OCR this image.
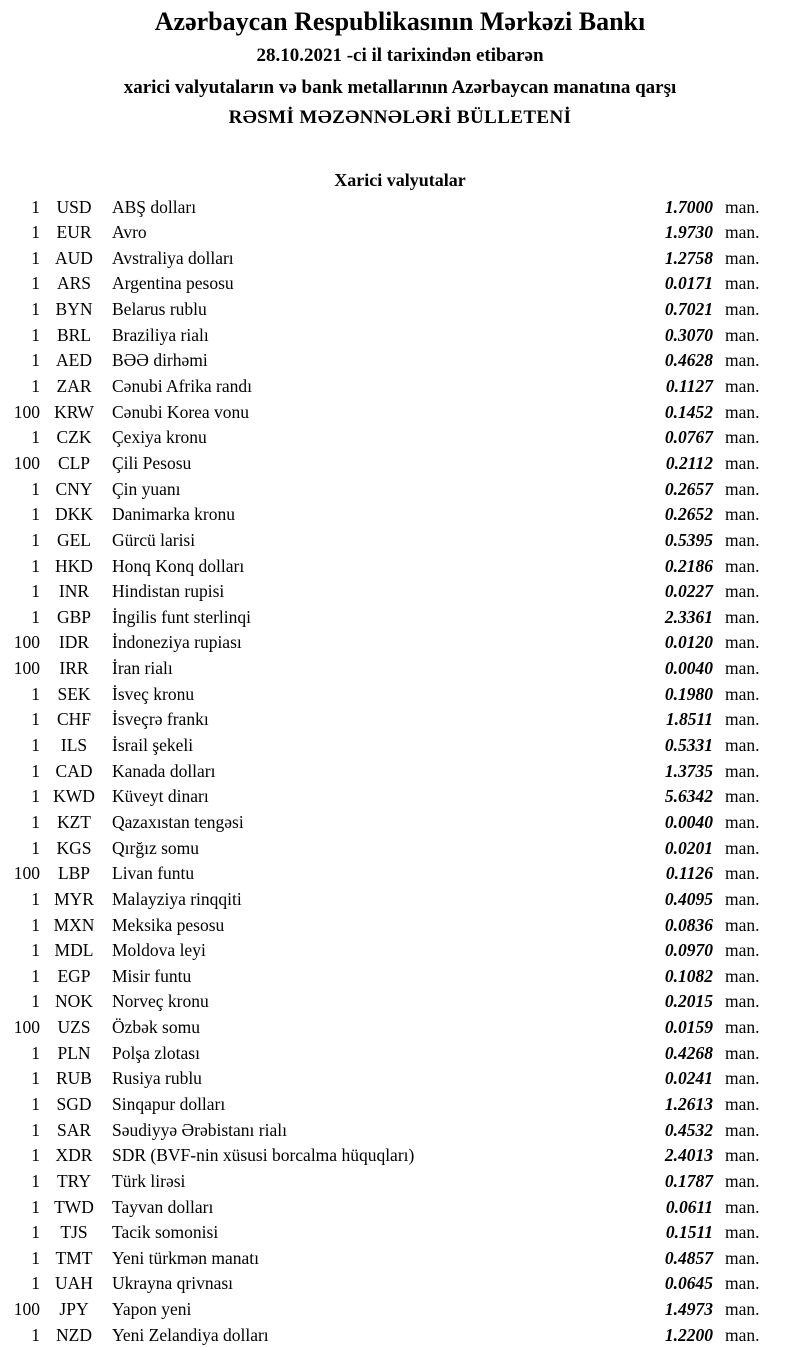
Azərbaycan Respublikasının Mərkəzi Bankı
28.10.2021 -ci il tarixindən etibarən
xarici valyutaların və bank metallarının Azərbaycan manatına qarşı
RƏSMİ MƏZƏNNƏLƏRİ BÜLLETENİ
Xarici valyutalar
1 USD	ABŞ dolları	1.7000 man.
1 EUR	Avro	1.9730 man.
1 AUD	Avstraliya dolları	1.2758 man.
1 ARS	Argentina pesosu	0.0171 man.
1 BYN	Belarus rublu	0.7021 man.
1 BRL	Braziliya rialı	0.3070 man.
1 AED	BƏƏ dirhəmi	0.4628 man.
1 ZAR	Cənubi Afrika randı	0.1127 man.
100 KRW	Cənubi Korea vonu	0.1452 man.
1 CZK	Çexiya kronu	0.0767 man.
100	CLP	Çili Pesosu	0.2112 man.
1 CNY	Çin yuanı	0.2657 man.
1 DKK	Danimarka kronu	0.2652 man.
1 GEL	Gürcü larisi	0.5395 man.
1 HKD	Honq Konq dolları	0.2186 man.
1	INR	Hindistan rupisi	0.0227 man.
1 GBP	İngilis funt sterlinqi	2.3361 man.
100	IDR	İndoneziya rupiası	0.0120 man.
100	IRR	İran rialı	0.0040 man.
1 SEK	İsveç kronu	0.1980 man.
1 CHF	İsveçrə frankı	1.8511 man.
1	ILS	İsrail şekeli	0.5331 man.
1 CAD	Kanada dolları	1.3735 man.
1 KWD Küveyt dinarı	5.6342 man.
1 KZT	Qazaxıstan tengəsi	0.0040 man.
1 KGS	Qırğız somu	0.0201 man.
100	LBP	Livan funtu	0.1126 man.
1 MYR	Malayziya rinqqiti	0.4095 man.
1 MXN	Meksika pesosu	0.0836 man.
1 MDL	Moldova leyi	0.0970 man.
1 EGP	Misir funtu	0.1082 man.
1 NOK	Norveç kronu	0.2015 man.
100 UZS	Özbək somu	0.0159 man.
1 PLN	Polşa zlotası	0.4268 man.
1 RUB	Rusiya rublu	0.0241 man.
1 SGD	Sinqapur dolları	1.2613 man.
1 SAR	Səudiyyə Ərəbistanı rialı	0.4532 man.
1 XDR	SDR (BVF-nin xüsusi borcalma hüquqları)	2.4013 man.
1 TRY	Türk lirəsi	0.1787 man.
1 TWD	Tayvan dolları	0.0611 man.
1	TJS	Tacik somonisi	0.1511 man.
1 TMT	Yeni türkmən manatı	0.4857 man.
1 UAH	Ukrayna qrivnası	0.0645 man.
100	JPY	Yapon yeni	1.4973 man.
1 NZD	Yeni Zelandiya dolları	1.2200 man.
